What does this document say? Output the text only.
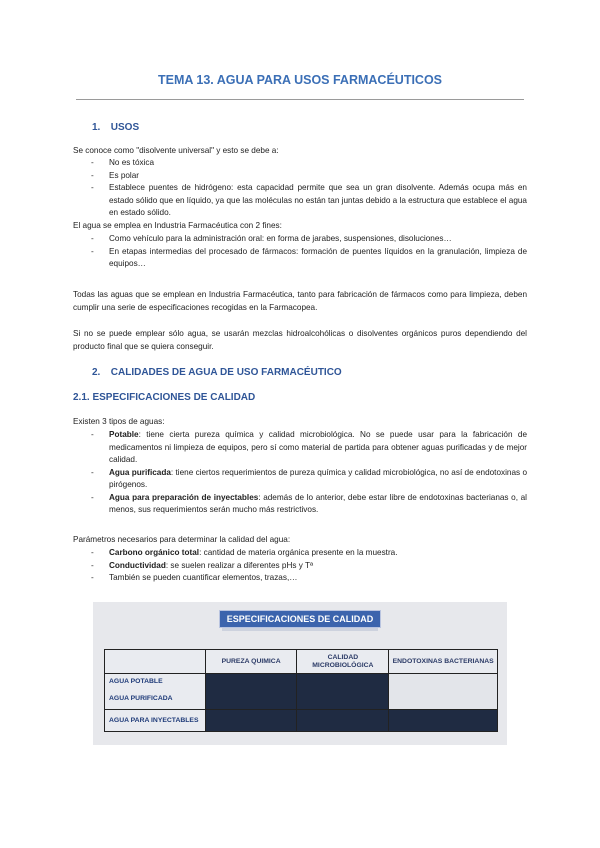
TEMA 13. AGUA PARA USOS FARMACÉUTICOS
1. USOS
Se conoce como "disolvente universal" y esto se debe a:
- No es tóxica
- Es polar
- Establece puentes de hidrógeno: esta capacidad permite que sea un gran disolvente. Además ocupa más en estado sólido que en líquido, ya que las moléculas no están tan juntas debido a la estructura que establece el agua en estado sólido.
El agua se emplea en Industria Farmacéutica con 2 fines:
- Como vehículo para la administración oral: en forma de jarabes, suspensiones, disoluciones…
- En etapas intermedias del procesado de fármacos: formación de puentes líquidos en la granulación, limpieza de equipos…
Todas las aguas que se emplean en Industria Farmacéutica, tanto para fabricación de fármacos como para limpieza, deben cumplir una serie de especificaciones recogidas en la Farmacopea.
Si no se puede emplear sólo agua, se usarán mezclas hidroalcohólicas o disolventes orgánicos puros dependiendo del producto final que se quiera conseguir.
2. CALIDADES DE AGUA DE USO FARMACÉUTICO
2.1. ESPECIFICACIONES DE CALIDAD
Existen 3 tipos de aguas:
- Potable: tiene cierta pureza química y calidad microbiológica. No se puede usar para la fabricación de medicamentos ni limpieza de equipos, pero sí como material de partida para obtener aguas purificadas y de mejor calidad.
- Agua purificada: tiene ciertos requerimientos de pureza química y calidad microbiológica, no así de endotoxinas o pirógenos.
- Agua para preparación de inyectables: además de lo anterior, debe estar libre de endotoxinas bacterianas o, al menos, sus requerimientos serán mucho más restrictivos.
Parámetros necesarios para determinar la calidad del agua:
- Carbono orgánico total: cantidad de materia orgánica presente en la muestra.
- Conductividad: se suelen realizar a diferentes pHs y Tª
- También se pueden cuantificar elementos, trazas,…
ESPECIFICACIONES DE CALIDAD
	PUREZA QUIMICA	CALIDAD MICROBIOLÓGICA	ENDOTOXINAS BACTERIANAS

AGUA POTABLE
AGUA PURIFICADA			

AGUA PARA INYECTABLES			
